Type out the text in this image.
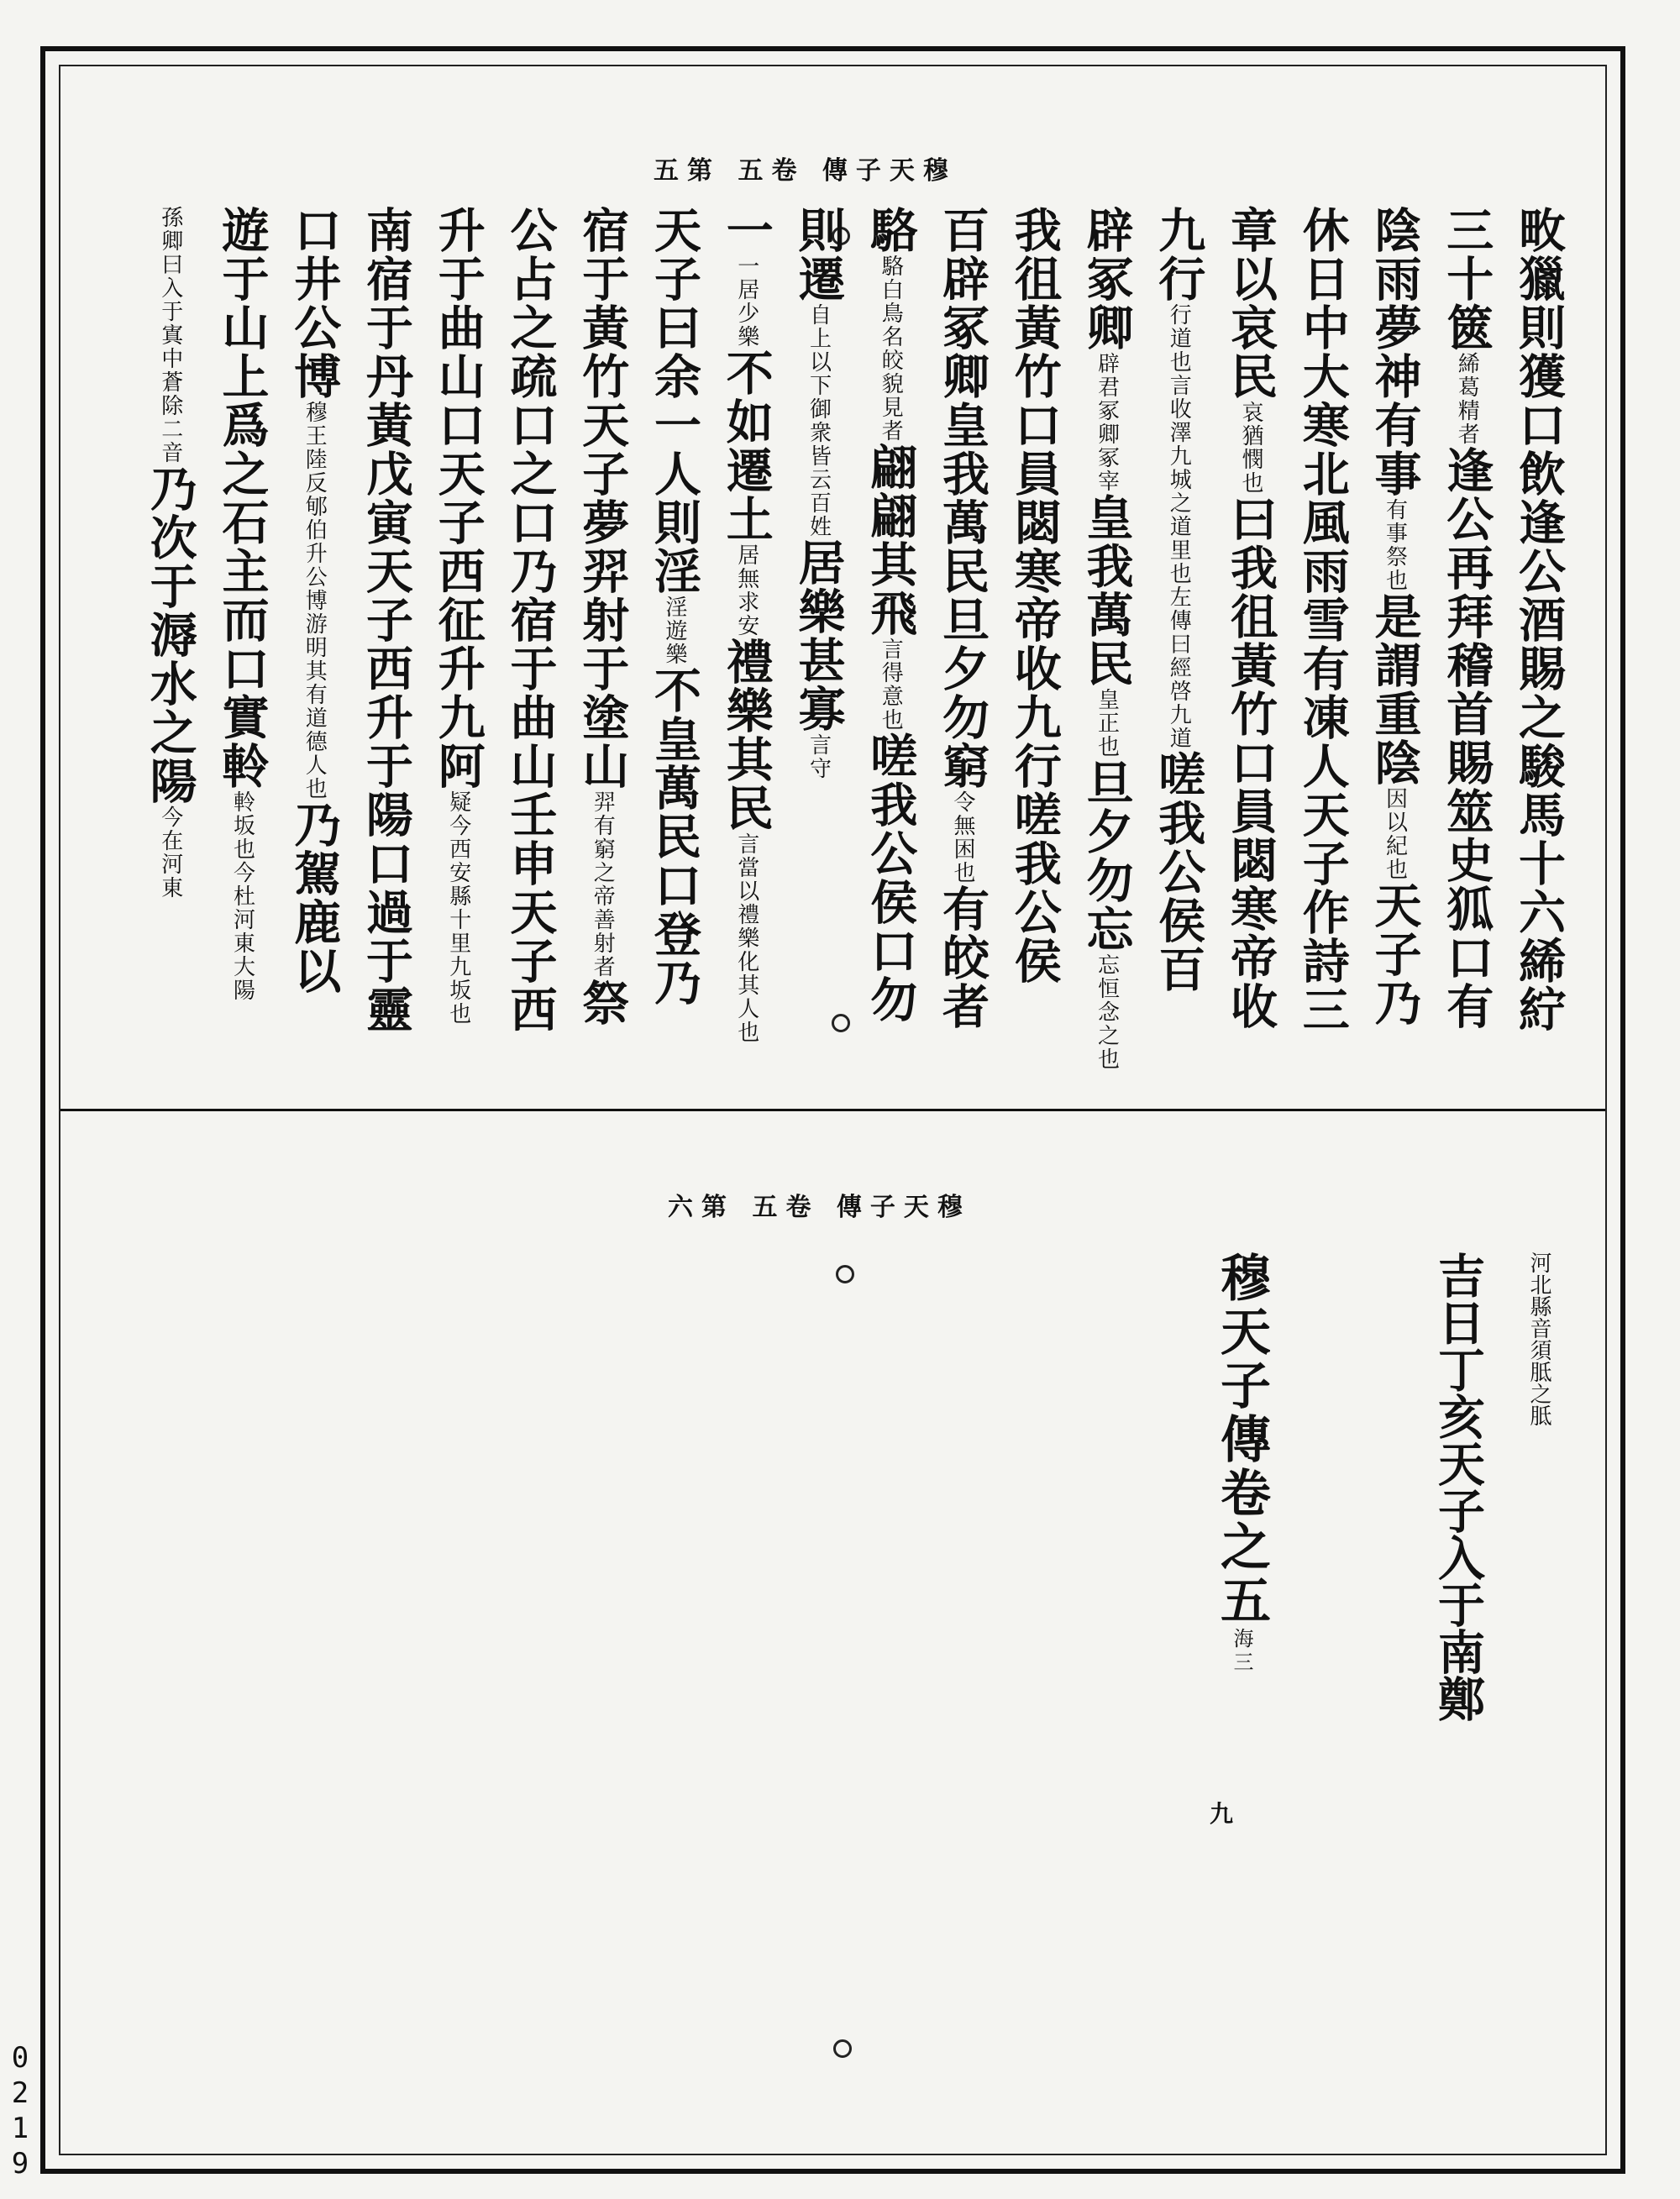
穆天子傳 卷五 第五
穆天子傳 卷五 第六
畋獵則獲口飲逢公酒賜之駿馬十六絺紵
三十篋絺葛精者逢公再拜稽首賜筮史狐口有
陰雨夢神有事有事祭也是謂重陰因以紀也天子乃
休日中大寒北風雨雪有凍人天子作詩三
章以哀民哀猶憫也曰我徂黃竹口員閟寒帝收
九行行道也言收澤九城之道里也左傳曰經啓九道嗟我公侯百
辟冢卿辟君冢卿冢宰皇我萬民皇正也旦夕勿忘忘恒念之也
我徂黃竹口員閟寒帝收九行嗟我公侯
百辟冢卿皇我萬民旦夕勿窮令無困也有皎者
駱駱白鳥名皎貌見者翩翩其飛言得意也嗟我公侯口勿
則遷自上以下御衆皆云百姓居樂甚寡言守
一一居少樂不如遷土居無求安禮樂其民言當以禮樂化其人也
天子曰余一人則淫淫遊樂不皇萬民口登乃
宿于黃竹天子夢羿射于塗山羿有窮之帝善射者祭
公占之疏口之口乃宿于曲山壬申天子西
升于曲山口天子西征升九阿疑今西安縣十里九坂也
南宿于丹黃戊寅天子西升于陽口過于靈
口井公博穆王陸反郇伯升公博游明其有道德人也乃駕鹿以
遊于山上爲之石主而口實軨軨坂也今杜河東大陽
孫卿曰入于寘中蒼除二音乃次于溽水之陽今在河東
河北縣音須胝之胝
吉日丁亥天子入于南鄭
穆天子傳卷之五海三
九
0219
